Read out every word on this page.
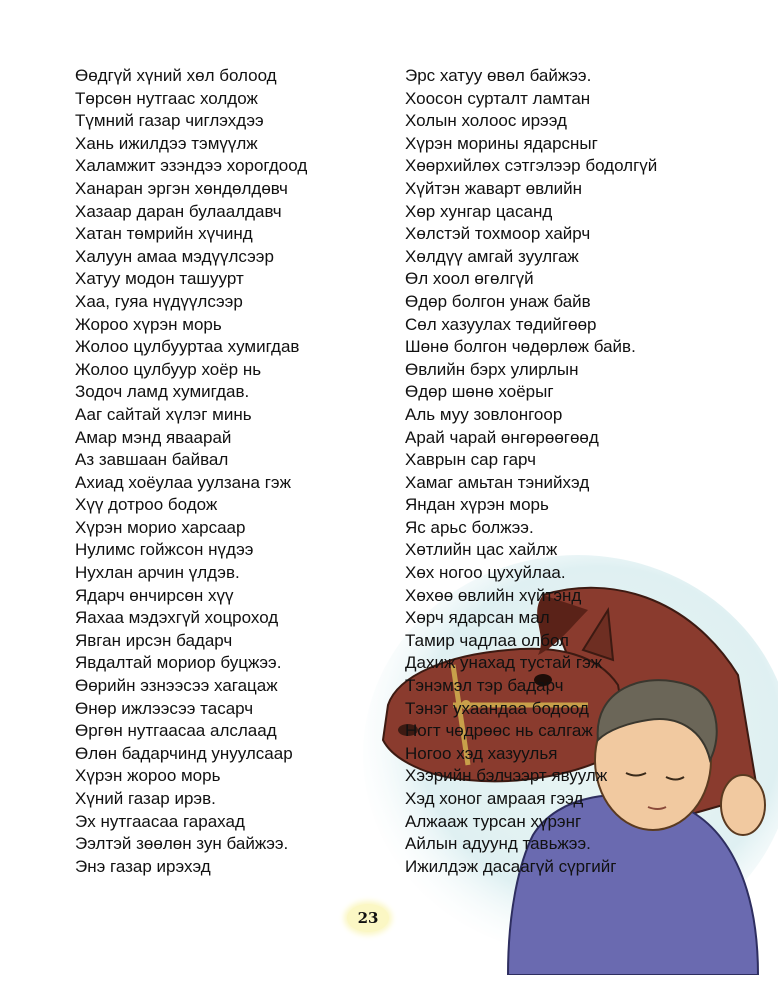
Өөдгүй хүний хөл болоод
Төрсөн нутгаас холдож
Түмний газар чиглэхдээ
Хань ижилдээ тэмүүлж
Халамжит эзэндээ хорогдоод
Ханаран эргэн хөндөлдөвч
Хазаар даран булаалдавч
Хатан төмрийн хүчинд
Халуун амаа мэдүүлсээр
Хатуу модон ташуурт
Хаа, гуяа нүдүүлсээр
Жороо хүрэн морь
Жолоо цулбууртаа хумигдав
Жолоо цулбуур хоёр нь
Зодоч ламд хумигдав.
Ааг сайтай хүлэг минь
Амар мэнд яваарай
Аз завшаан байвал
Ахиад хоёулаа уулзана гэж
Хүү дотроо бодож
Хүрэн морио харсаар
Нулимс гойжсон нүдээ
Нухлан арчин үлдэв.
Ядарч өнчирсөн хүү
Яахаа мэдэхгүй хоцроход
Явган ирсэн бадарч
Явдалтай мориор буцжээ.
Өөрийн эзнээсээ хагацаж
Өнөр ижлээсээ тасарч
Өргөн нутгаасаа алслаад
Өлөн бадарчинд унуулсаар
Хүрэн жороо морь
Хүний газар ирэв.
Эх нутгаасаа гарахад
Ээлтэй зөөлөн зун байжээ.
Энэ газар ирэхэд
Эрс хатуу өвөл байжээ.
Хоосон сурталт ламтан
Холын холоос ирээд
Хүрэн морины ядарсныг
Хөөрхийлөх сэтгэлээр бодолгүй
Хүйтэн жаварт өвлийн
Хөр хунгар цасанд
Хөлстэй тохмоор хайрч
Хөлдүү амгай зуулгаж
Өл хоол өгөлгүй
Өдөр болгон унаж байв
Сөл хазуулах төдийгөөр
Шөнө болгон чөдөрлөж байв.
Өвлийн бэрх улирлын
Өдөр шөнө хоёрыг
Аль муу зовлонгоор
Арай чарай өнгөрөөгөөд
Хаврын сар гарч
Хамаг амьтан тэнийхэд
Яндан хүрэн морь
Яс арьс болжээ.
Хөтлийн цас хайлж
Хөх ногоо цухуйлаа.
Хөхөө өвлийн хүйтэнд
Хөрч ядарсан мал
Тамир чадлаа олбол
Дахиж унахад тустай гэж
Тэнэмэл тэр бадарч
Тэнэг ухаандаа бодоод
Ногт чөдрөөс нь салгаж
Ногоо хэд хазуулья
Хээрийн бэлчээрт явуулж
Хэд хоног амраая гээд
Алжааж турсан хүрэнг
Айлын адуунд тавьжээ.
Ижилдэж дасаагүй сүргийг
23
